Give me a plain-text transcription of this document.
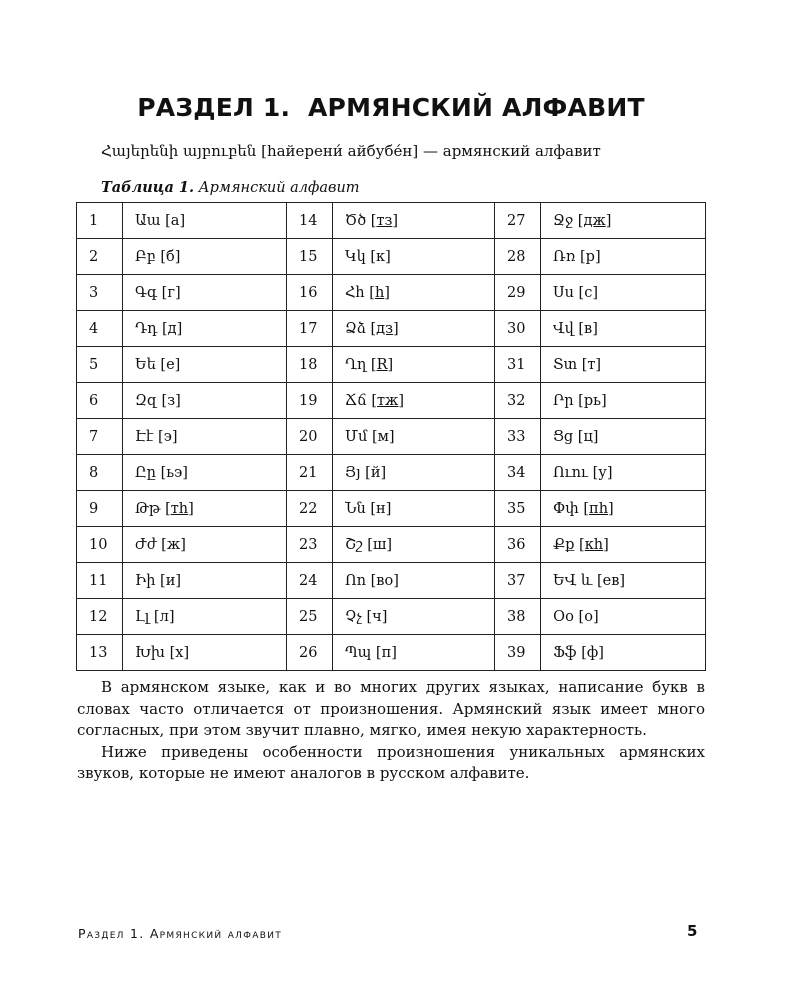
РАЗДЕЛ 1.  АРМЯНСКИЙ АЛФАВИТ
Հայերենի այբուբեն [hайерени́ айбубе́н] — армянский алфавит
Таблица 1. Армянский алфавит
1	Աա [а]	14	Ծծ [тз]	27	Ջջ [дж]
2	Բբ [б]	15	Կկ [к]	28	Ռռ [р]
3	Գգ [г]	16	Հհ [h]	29	Սս [с]
4	Դդ [д]	17	Ձձ [дз]	30	Վվ [в]
5	Եե [е]	18	Ղղ [R]	31	Տտ [т]
6	Զզ [з]	19	Ճճ [тж]	32	Րր [рь]
7	Էէ [э]	20	Մմ [м]	33	Ցց [ц]
8	Ըը [ьэ]	21	Յյ [й]	34	Ուու [у]
9	Թթ [тh]	22	Նն [н]	35	Փփ [пh]
10	Ժժ [ж]	23	Շշ [ш]	36	Քք [кh]
11	Իի [и]	24	Ոո [во]	37	ԵՎ և [ев]
12	Լլ [л]	25	Չչ [ч]	38	Օօ [о]
13	Խխ [х]	26	Պպ [п]	39	Ֆֆ [ф]

В армянском языке, как и во многих других языках, написание букв в словах часто отличается от произношения. Армянский язык имеет много согласных, при этом звучит плавно, мягко, имея некую характерность.

Ниже приведены особенности произношения уникальных армянских звуков, которые не имеют аналогов в русском алфавите.

Раздел 1. Армянский алфавит	5
